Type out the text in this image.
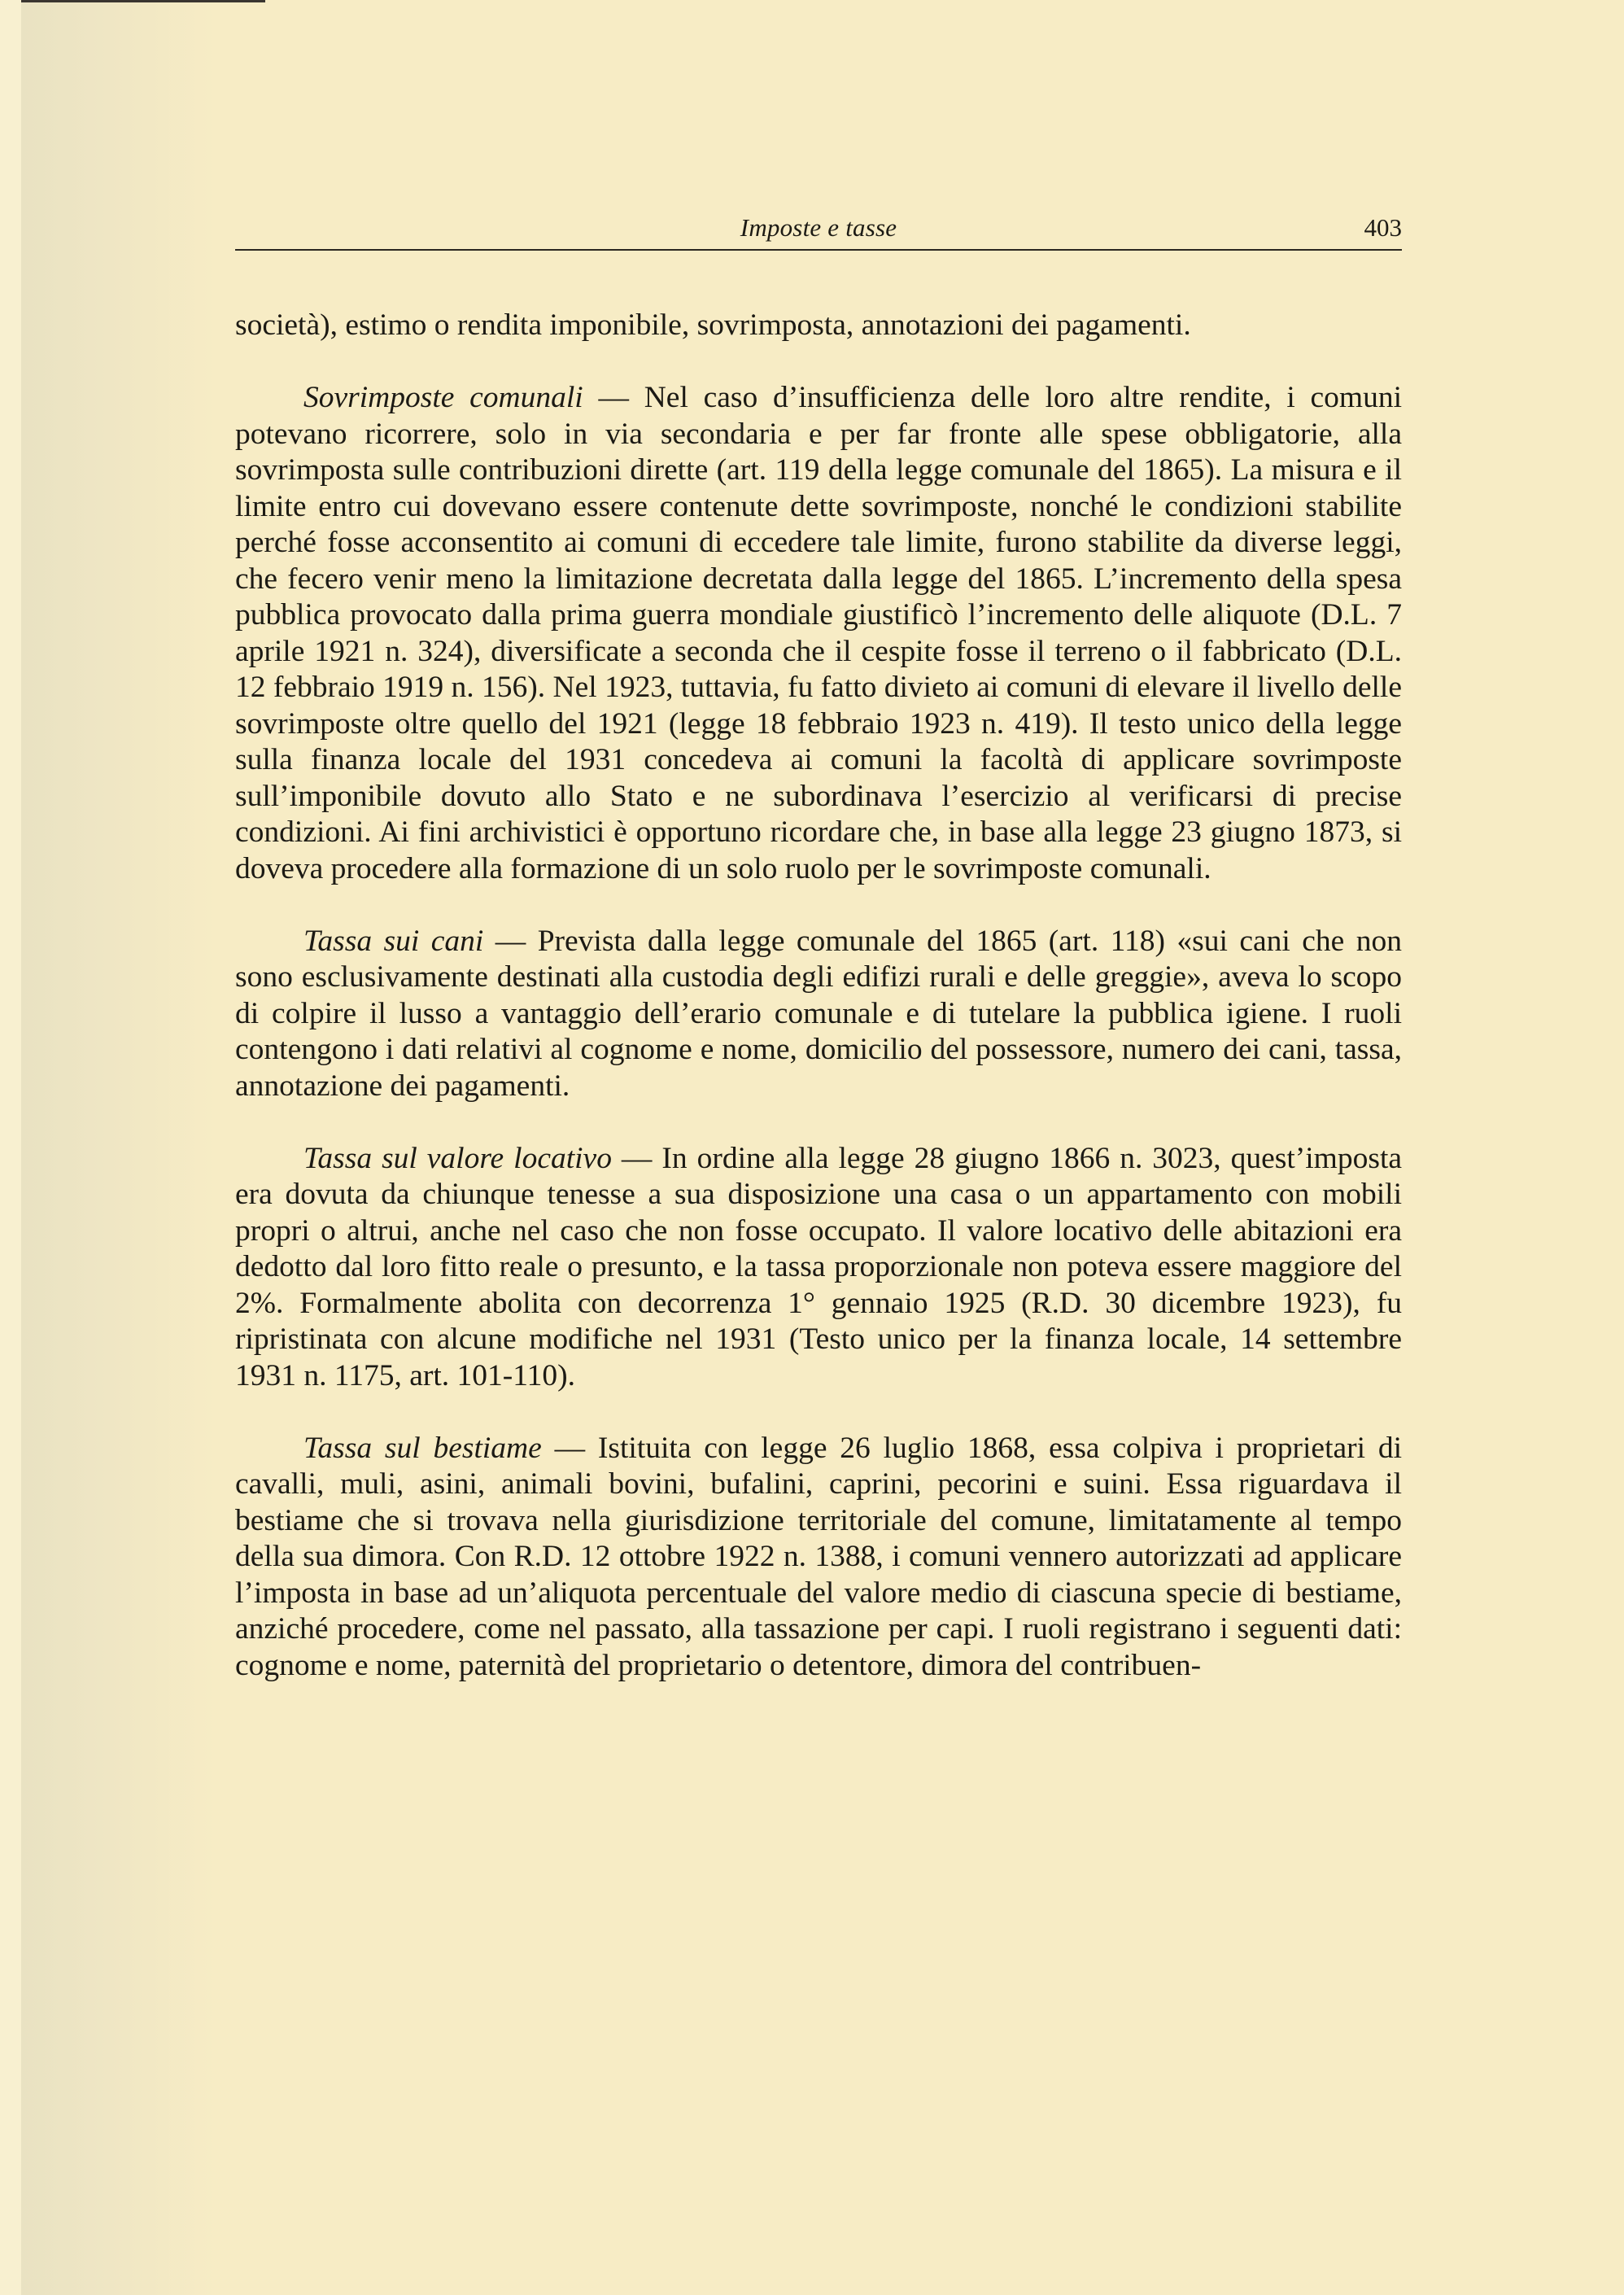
Imposte e tasse	403

società), estimo o rendita imponibile, sovrimposta, annotazioni dei pagamenti.

Sovrimposte comunali — Nel caso d’insufficienza delle loro altre rendite, i comuni potevano ricorrere, solo in via secondaria e per far fronte alle spese obbligatorie, alla sovrimposta sulle contribuzioni dirette (art. 119 della legge comunale del 1865). La misura e il limite entro cui dovevano essere contenute dette sovrimposte, nonché le condizioni stabilite perché fosse acconsentito ai comuni di eccedere tale limite, furono stabilite da diverse leggi, che fecero venir meno la limitazione decretata dalla legge del 1865. L’incremento della spesa pubblica provocato dalla prima guerra mondiale giustificò l’incremento delle aliquote (D.L. 7 aprile 1921 n. 324), diversificate a seconda che il cespite fosse il terreno o il fabbricato (D.L. 12 febbraio 1919 n. 156). Nel 1923, tuttavia, fu fatto divieto ai comuni di elevare il livello delle sovrimposte oltre quello del 1921 (legge 18 febbraio 1923 n. 419). Il testo unico della legge sulla finanza locale del 1931 concedeva ai comuni la facoltà di applicare sovrimposte sull’imponibile dovuto allo Stato e ne subordinava l’esercizio al verificarsi di precise condizioni. Ai fini archivistici è opportuno ricordare che, in base alla legge 23 giugno 1873, si doveva procedere alla formazione di un solo ruolo per le sovrimposte comunali.

Tassa sui cani — Prevista dalla legge comunale del 1865 (art. 118) «sui cani che non sono esclusivamente destinati alla custodia degli edifizi rurali e delle greggie», aveva lo scopo di colpire il lusso a vantaggio dell’erario comunale e di tutelare la pubblica igiene. I ruoli contengono i dati relativi al cognome e nome, domicilio del possessore, numero dei cani, tassa, annotazione dei pagamenti.

Tassa sul valore locativo — In ordine alla legge 28 giugno 1866 n. 3023, quest’imposta era dovuta da chiunque tenesse a sua disposizione una casa o un appartamento con mobili propri o altrui, anche nel caso che non fosse occupato. Il valore locativo delle abitazioni era dedotto dal loro fitto reale o presunto, e la tassa proporzionale non poteva essere maggiore del 2%. Formalmente abolita con decorrenza 1° gennaio 1925 (R.D. 30 dicembre 1923), fu ripristinata con alcune modifiche nel 1931 (Testo unico per la finanza locale, 14 settembre 1931 n. 1175, art. 101-110).

Tassa sul bestiame — Istituita con legge 26 luglio 1868, essa colpiva i proprietari di cavalli, muli, asini, animali bovini, bufalini, caprini, pecorini e suini. Essa riguardava il bestiame che si trovava nella giurisdizione territoriale del comune, limitatamente al tempo della sua dimora. Con R.D. 12 ottobre 1922 n. 1388, i comuni vennero autorizzati ad applicare l’imposta in base ad un’aliquota percentuale del valore medio di ciascuna specie di bestiame, anziché procedere, come nel passato, alla tassazione per capi. I ruoli registrano i seguenti dati: cognome e nome, paternità del proprietario o detentore, dimora del contribuen-
